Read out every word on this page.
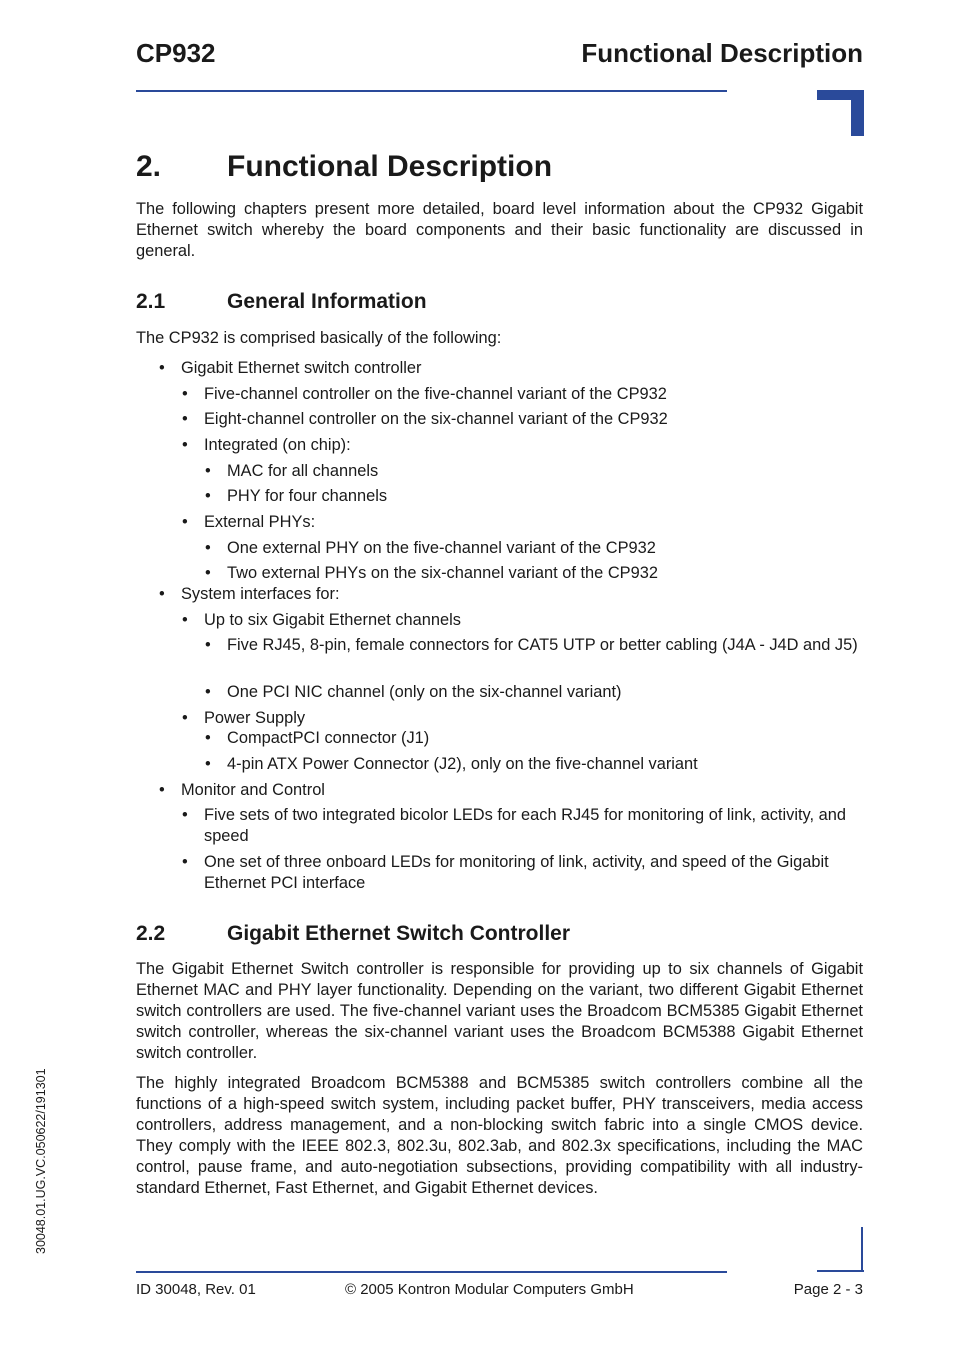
CP932	Functional Description
2. Functional Description
The following chapters present more detailed, board level information about the CP932 Gigabit Ethernet switch whereby the board components and their basic functionality are discussed in general.
2.1	General Information
The CP932 is comprised basically of the following:
• Gigabit Ethernet switch controller
• Five-channel controller on the five-channel variant of the CP932
• Eight-channel controller on the six-channel variant of the CP932
• Integrated (on chip):
• MAC for all channels
• PHY for four channels
• External PHYs:
• One external PHY on the five-channel variant of the CP932
• Two external PHYs on the six-channel variant of the CP932
• System interfaces for:
• Up to six Gigabit Ethernet channels
• Five RJ45, 8-pin, female connectors for CAT5 UTP or better cabling (J4A - J4D and J5)
• One PCI NIC channel (only on the six-channel variant)
• Power Supply
• CompactPCI connector (J1)
• 4-pin ATX Power Connector (J2), only on the five-channel variant
• Monitor and Control
• Five sets of two integrated bicolor LEDs for each RJ45 for monitoring of link, activity, and speed
• One set of three onboard LEDs for monitoring of link, activity, and speed of the Gigabit Ethernet PCI interface
2.2	Gigabit Ethernet Switch Controller
The Gigabit Ethernet Switch controller is responsible for providing up to six channels of Gigabit Ethernet MAC and PHY layer functionality. Depending on the variant, two different Gigabit Ethernet switch controllers are used. The five-channel variant uses the Broadcom BCM5385 Gigabit Ethernet switch controller, whereas the six-channel variant uses the Broadcom BCM5388 Gigabit Ethernet switch controller.
The highly integrated Broadcom BCM5388 and BCM5385 switch controllers combine all the functions of a high-speed switch system, including packet buffer, PHY transceivers, media access controllers, address management, and a non-blocking switch fabric into a single CMOS device. They comply with the IEEE 802.3, 802.3u, 802.3ab, and 802.3x specifications, including the MAC control, pause frame, and auto-negotiation subsections, providing compatibility with all industry-standard Ethernet, Fast Ethernet, and Gigabit Ethernet devices.
ID 30048, Rev. 01	© 2005 Kontron Modular Computers GmbH	Page 2 - 3
30048.01.UG.VC.050622/191301
